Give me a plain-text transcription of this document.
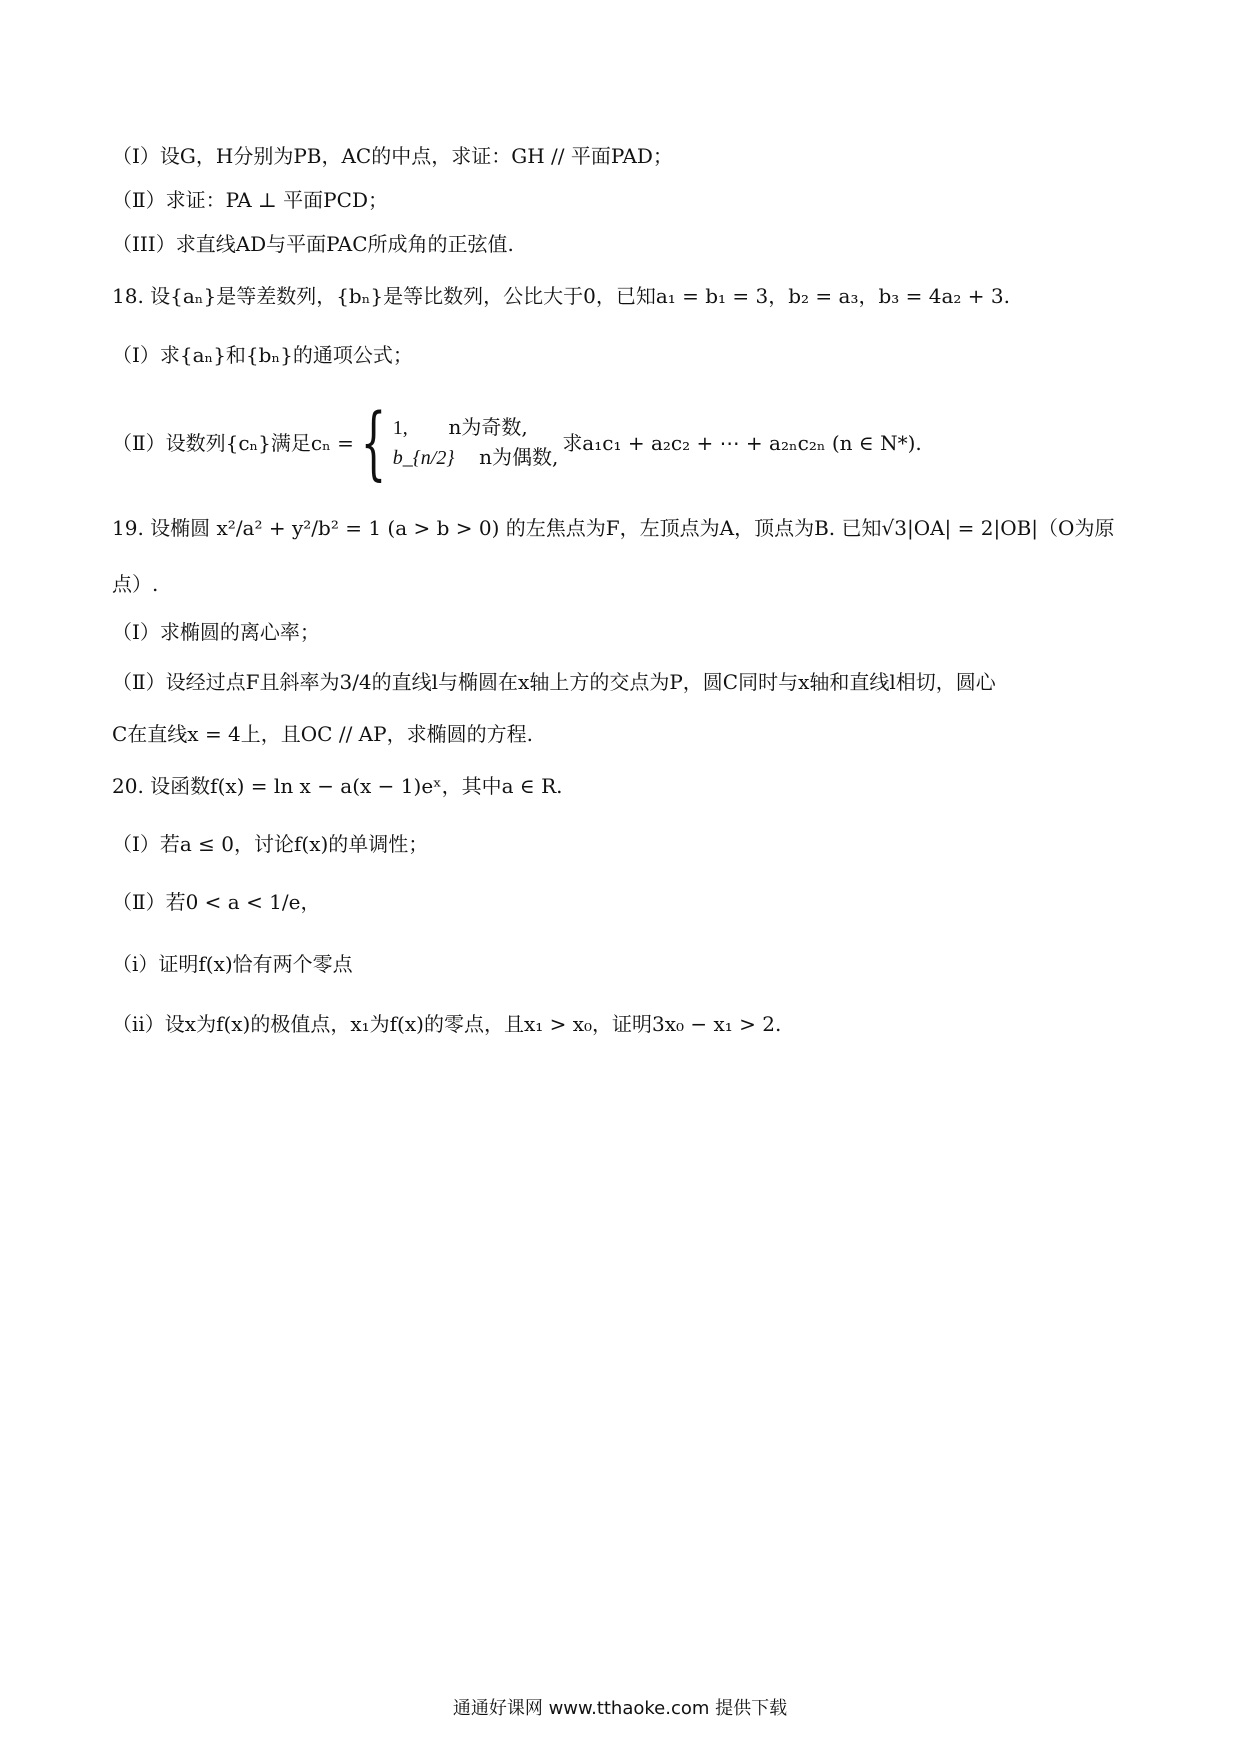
（Ⅰ）设G，H分别为PB，AC的中点，求证：GH // 平面PAD；
（Ⅱ）求证：PA ⊥ 平面PCD；
（III）求直线AD与平面PAC所成角的正弦值.
18. 设{aₙ}是等差数列，{bₙ}是等比数列，公比大于0，已知a₁ = b₁ = 3，b₂ = a₃，b₃ = 4a₂ + 3.
（Ⅰ）求{aₙ}和{bₙ}的通项公式；
（Ⅱ）设数列{cₙ}满足cₙ = { 1, n为奇数,
b_{n/2} n为偶数,
求a₁c₁ + a₂c₂ + ⋯ + a₂ₙc₂ₙ (n ∈ N*).
19. 设椭圆 x²/a² + y²/b² = 1 (a > b > 0) 的左焦点为F，左顶点为A，顶点为B. 已知√3|OA| = 2|OB|（O为原
点）.
（Ⅰ）求椭圆的离心率；
（Ⅱ）设经过点F且斜率为3/4的直线l与椭圆在x轴上方的交点为P，圆C同时与x轴和直线l相切，圆心
C在直线x = 4上，且OC // AP，求椭圆的方程.
20. 设函数f(x) = ln x − a(x − 1)eˣ，其中a ∈ R.
（Ⅰ）若a ≤ 0，讨论f(x)的单调性；
（Ⅱ）若0 < a < 1/e，
（i）证明f(x)恰有两个零点
（ii）设x为f(x)的极值点，x₁为f(x)的零点，且x₁ > x₀，证明3x₀ − x₁ > 2.
通通好课网 www.tthaoke.com 提供下载
